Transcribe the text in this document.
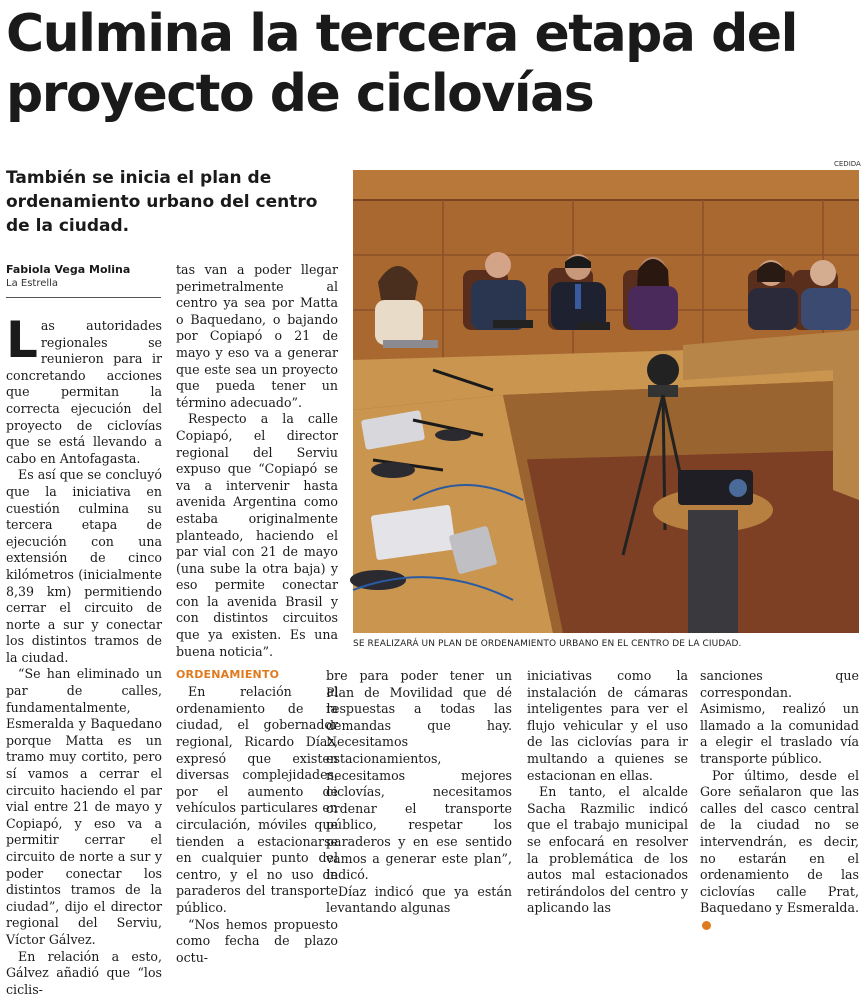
Culmina la tercera etapa del proyecto de ciclovías
También se inicia el plan de ordenamiento urbano del centro de la ciudad.
Fabiola Vega Molina
La Estrella
CEDIDA
SE REALIZARÁ UN PLAN DE ORDENAMIENTO URBANO EN EL CENTRO DE LA CIUDAD.

Las autoridades regionales se reunieron para ir concretando acciones que permitan la correcta ejecución del proyecto de ciclovías que se está llevando a cabo en Antofagasta.

Es así que se concluyó que la iniciativa en cuestión culmina su tercera etapa de ejecución con una extensión de cinco kilómetros (inicialmente 8,39 km) permitiendo cerrar el circuito de norte a sur y conectar los distintos tramos de la ciudad.

“Se han eliminado un par de calles, fundamentalmente, Esmeralda y Baquedano porque Matta es un tramo muy cortito, pero sí vamos a cerrar el circuito haciendo el par vial entre 21 de mayo y Copiapó, y eso va a permitir cerrar el circuito de norte a sur y poder conectar los distintos tramos de la ciudad”, dijo el director regional del Serviu, Víctor Gálvez.

En relación a esto, Gálvez añadió que “los ciclis-

tas van a poder llegar perimetralmente al centro ya sea por Matta o Baquedano, o bajando por Copiapó o 21 de mayo y eso va a generar que este sea un proyecto que pueda tener un término adecuado”.

Respecto a la calle Copiapó, el director regional del Serviu expuso que “Copiapó se va a intervenir hasta avenida Argentina como estaba originalmente planteado, haciendo el par vial con 21 de mayo (una sube la otra baja) y eso permite conectar con la avenida Brasil y con distintos circuitos que ya existen. Es una buena noticia”.

ORDENAMIENTO

En relación al ordenamiento de la ciudad, el gobernador regional, Ricardo Díaz, expresó que existen diversas complejidades, por el aumento de vehículos particulares en circulación, móviles que tienden a estacionarse en cualquier punto del centro, y el no uso de paraderos del transporte público.

“Nos hemos propuesto como fecha de plazo octu-

bre para poder tener un Plan de Movilidad que dé respuestas a todas las demandas que hay. Necesitamos estacionamientos, necesitamos mejores ciclovías, necesitamos ordenar el transporte público, respetar los paraderos y en ese sentido vamos a generar este plan”, indicó.

Díaz indicó que ya están levantando algunas

iniciativas como la instalación de cámaras inteligentes para ver el flujo vehicular y el uso de las ciclovías para ir multando a quienes se estacionan en ellas.

En tanto, el alcalde Sacha Razmilic indicó que el trabajo municipal se enfocará en resolver la problemática de los autos mal estacionados retirándolos del centro y aplicando las

sanciones que correspondan. Asimismo, realizó un llamado a la comunidad a elegir el traslado vía transporte público.

Por último, desde el Gore señalaron que las calles del casco central de la ciudad no se intervendrán, es decir, no estarán en el ordenamiento de las ciclovías calle Prat, Baquedano y Esmeralda.
